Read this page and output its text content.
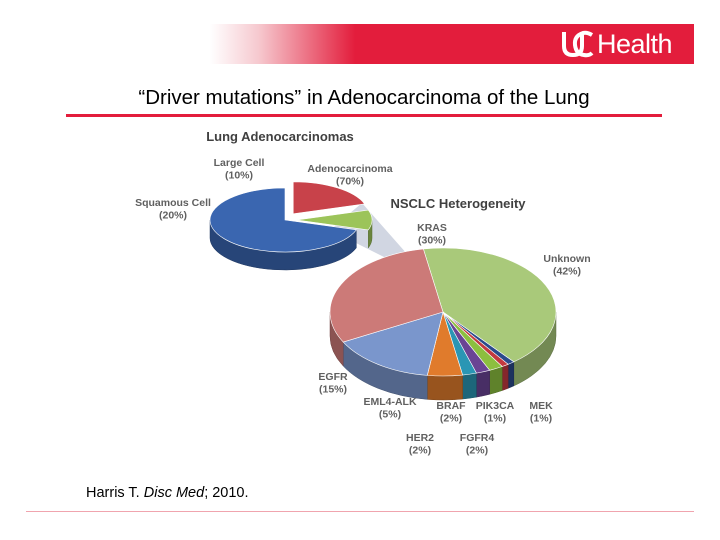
Health
“Driver mutations” in Adenocarcinoma of the Lung
Lung Adenocarcinomas
NSCLC Heterogeneity
Adenocarcinoma (70%)
Squamous Cell (20%)
Large Cell (10%)
Unknown (42%)
MEK (1%)
PIK3CA (1%)
FGFR4 (2%)
BRAF (2%)
HER2 (2%)
EML4-ALK (5%)
EGFR (15%)
KRAS (30%)
Harris T. Disc Med; 2010.
